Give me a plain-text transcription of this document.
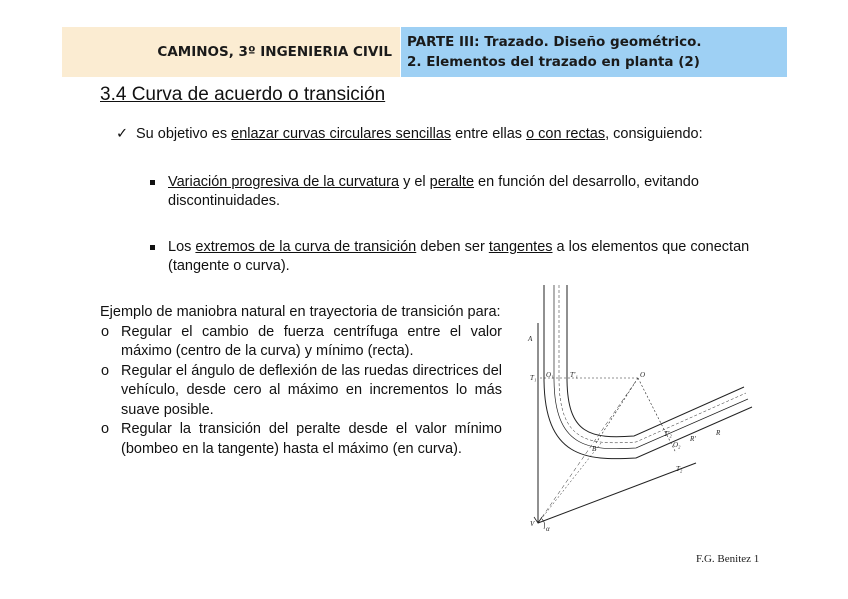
CAMINOS, 3º INGENIERIA CIVIL
PARTE III: Trazado. Diseño geométrico.
2. Elementos del trazado en planta (2)
3.4 Curva de acuerdo o transición
✓ Su objetivo es enlazar curvas circulares sencillas entre ellas o con rectas, consiguiendo:
Variación progresiva de la curvatura y el peralte en función del desarrollo, evitando discontinuidades.
Los extremos de la curva de transición deben ser tangentes a los elementos que conectan (tangente o curva).
Ejemplo de maniobra natural en trayectoria de transición para:
o Regular el cambio de fuerza centrífuga entre el valor máximo (centro de la curva) y mínimo (recta).
o Regular el ángulo de deflexión de las ruedas directrices del vehículo, desde cero al máximo en incrementos lo más suave posible.
o Regular la transición del peralte desde el valor mínimo (bombeo en la tangente) hasta el máximo (en curva).
A
O
T₁	T'₁
O₁
T'₂
O₂
T₂
B
R
R'
V
α
F.G. Benitez 1
